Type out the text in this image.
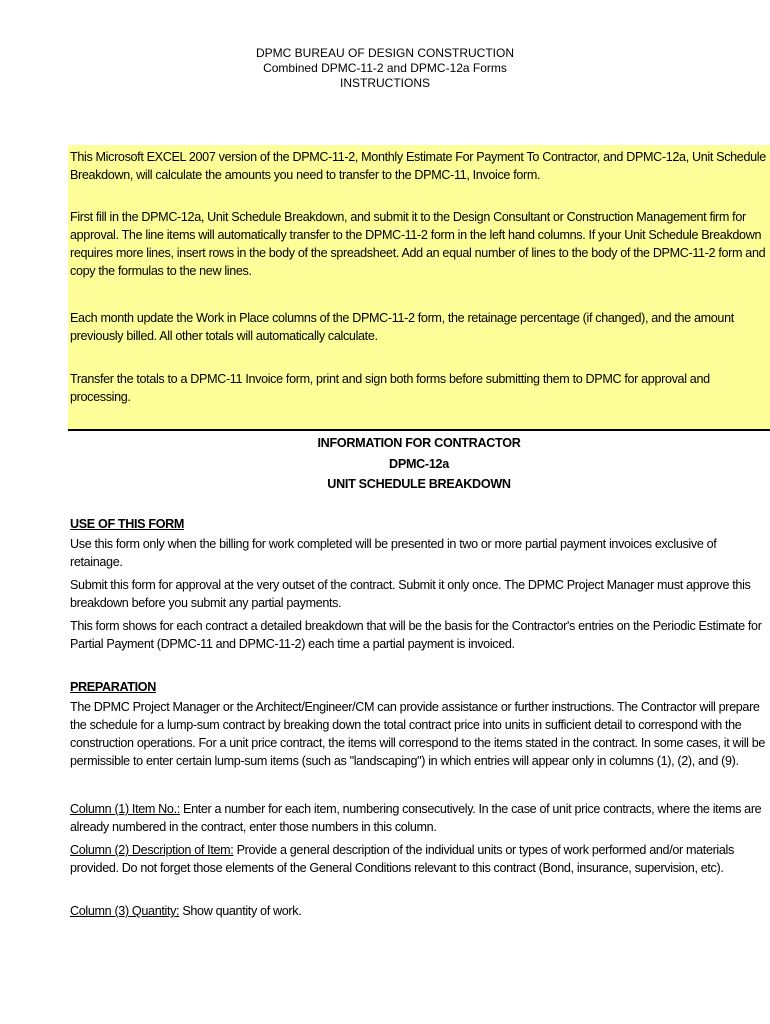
DPMC BUREAU OF DESIGN CONSTRUCTION
Combined DPMC-11-2 and DPMC-12a Forms
INSTRUCTIONS

This Microsoft EXCEL 2007 version of the DPMC-11-2, Monthly Estimate For Payment To Contractor, and DPMC-12a, Unit Schedule Breakdown, will calculate the amounts you need to transfer to the DPMC-11, Invoice form.

First fill in the DPMC-12a, Unit Schedule Breakdown, and submit it to the Design Consultant or Construction Management firm for approval. The line items will automatically transfer to the DPMC-11-2 form in the left hand columns. If your Unit Schedule Breakdown requires more lines, insert rows in the body of the spreadsheet. Add an equal number of lines to the body of the DPMC-11-2 form and copy the formulas to the new lines.

Each month update the Work in Place columns of the DPMC-11-2 form, the retainage percentage (if changed), and the amount previously billed. All other totals will automatically calculate.

Transfer the totals to a DPMC-11 Invoice form, print and sign both forms before submitting them to DPMC for approval and processing.

INFORMATION FOR CONTRACTOR
DPMC-12a
UNIT SCHEDULE BREAKDOWN

USE OF THIS FORM

Use this form only when the billing for work completed will be presented in two or more partial payment invoices exclusive of retainage.

Submit this form for approval at the very outset of the contract. Submit it only once. The DPMC Project Manager must approve this breakdown before you submit any partial payments.

This form shows for each contract a detailed breakdown that will be the basis for the Contractor's entries on the Periodic Estimate for Partial Payment (DPMC-11 and DPMC-11-2) each time a partial payment is invoiced.

PREPARATION

The DPMC Project Manager or the Architect/Engineer/CM can provide assistance or further instructions. The Contractor will prepare the schedule for a lump-sum contract by breaking down the total contract price into units in sufficient detail to correspond with the construction operations. For a unit price contract, the items will correspond to the items stated in the contract. In some cases, it will be permissible to enter certain lump-sum items (such as "landscaping") in which entries will appear only in columns (1), (2), and (9).

Column (1) Item No.: Enter a number for each item, numbering consecutively. In the case of unit price contracts, where the items are already numbered in the contract, enter those numbers in this column.

Column (2) Description of Item: Provide a general description of the individual units or types of work performed and/or materials provided. Do not forget those elements of the General Conditions relevant to this contract (Bond, insurance, supervision, etc).

Column (3) Quantity: Show quantity of work.
